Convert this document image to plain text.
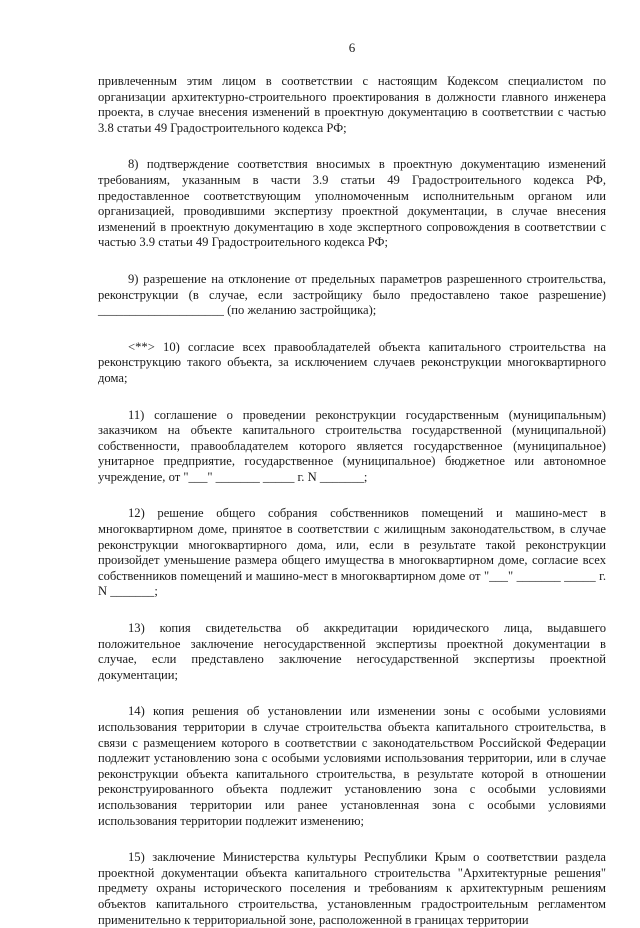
6

привлеченным этим лицом в соответствии с настоящим Кодексом специалистом по организации архитектурно-строительного проектирования в должности главного инженера проекта, в случае внесения изменений в проектную документацию в соответствии с частью 3.8 статьи 49 Градостроительного кодекса РФ;

8) подтверждение соответствия вносимых в проектную документацию изменений требованиям, указанным в части 3.9 статьи 49 Градостроительного кодекса РФ, предоставленное соответствующим уполномоченным исполнительным органом или организацией, проводившими экспертизу проектной документации, в случае внесения изменений в проектную документацию в ходе экспертного сопровождения в соответствии с частью 3.9 статьи 49 Градостроительного кодекса РФ;

9) разрешение на отклонение от предельных параметров разрешенного строительства, реконструкции (в случае, если застройщику было предоставлено такое разрешение) ____________________ (по желанию застройщика);

<**> 10) согласие всех правообладателей объекта капитального строительства на реконструкцию такого объекта, за исключением случаев реконструкции многоквартирного дома;

11) соглашение о проведении реконструкции государственным (муниципальным) заказчиком на объекте капитального строительства государственной (муниципальной) собственности, правообладателем которого является государственное (муниципальное) унитарное предприятие, государственное (муниципальное) бюджетное или автономное учреждение, от "___" _______ _____ г. N _______;

12) решение общего собрания собственников помещений и машино-мест в многоквартирном доме, принятое в соответствии с жилищным законодательством, в случае реконструкции многоквартирного дома, или, если в результате такой реконструкции произойдет уменьшение размера общего имущества в многоквартирном доме, согласие всех собственников помещений и машино-мест в многоквартирном доме от "___" _______ _____ г. N _______;

13) копия свидетельства об аккредитации юридического лица, выдавшего положительное заключение негосударственной экспертизы проектной документации в случае, если представлено заключение негосударственной экспертизы проектной документации;

14) копия решения об установлении или изменении зоны с особыми условиями использования территории в случае строительства объекта капитального строительства, в связи с размещением которого в соответствии с законодательством Российской Федерации подлежит установлению зона с особыми условиями использования территории, или в случае реконструкции объекта капитального строительства, в результате которой в отношении реконструированного объекта подлежит установлению зона с особыми условиями использования территории или ранее установленная зона с особыми условиями использования территории подлежит изменению;

15) заключение Министерства культуры Республики Крым о соответствии раздела проектной документации объекта капитального строительства "Архитектурные решения" предмету охраны исторического поселения и требованиям к архитектурным решениям объектов капитального строительства, установленным градостроительным регламентом применительно к территориальной зоне, расположенной в границах территории
